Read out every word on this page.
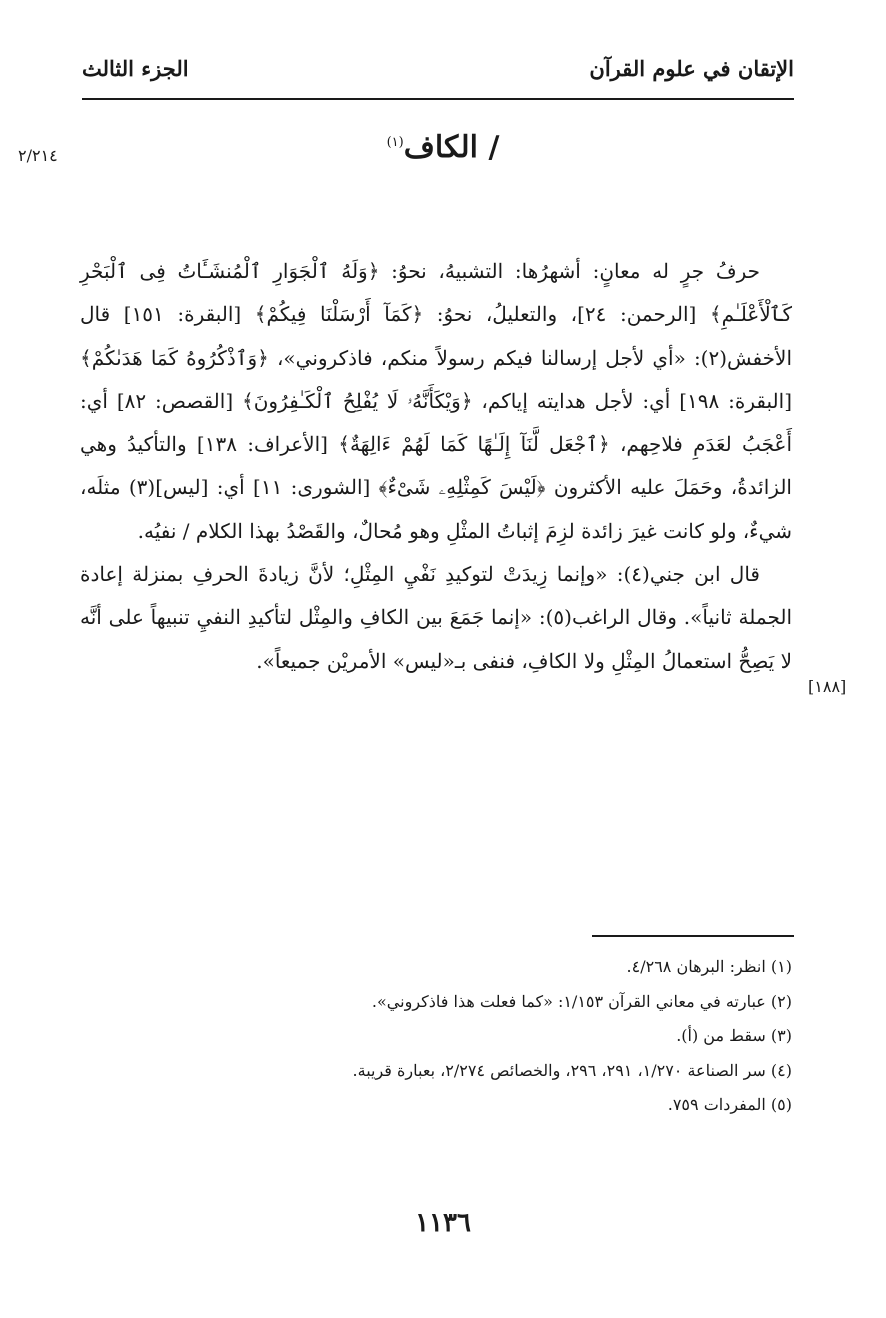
الإتقان في علوم القرآن
الجزء الثالث
٢/٢١٤	/ الكاف$^{(١)}$

حرفُ جرٍ له معانٍ: أشهرُها: التشبيهُ، نحوُ: ﴿وَلَهُ ٱلْجَوَارِ ٱلْمُنشَـَٔاتُ فِى ٱلْبَحْرِ كَٱلْأَعْلَـٰمِ﴾ [الرحمن: ٢٤]، والتعليلُ، نحوُ: ﴿كَمَآ أَرْسَلْنَا فِيكُمْ﴾ [البقرة: ١٥١] قال الأخفش(٢): «أي لأجل إرسالنا فيكم رسولاً منكم، فاذكروني»، ﴿وَٱذْكُرُوهُ كَمَا هَدَىٰكُمْ﴾ [البقرة: ١٩٨] أي: لأجل هدايته إياكم، ﴿وَيْكَأَنَّهُۥ لَا يُفْلِحُ ٱلْكَـٰفِرُونَ﴾ [القصص: ٨٢] أي: أَعْجَبُ لعَدَمِ فلاحِهم، ﴿ٱجْعَل لَّنَآ إِلَـٰهًا كَمَا لَهُمْ ءَالِهَةٌ﴾ [الأعراف: ١٣٨] والتأكيدُ وهي الزائدةُ، وحَمَلَ عليه الأكثرون ﴿لَيْسَ كَمِثْلِهِۦ شَىْءٌ﴾ [الشورى: ١١] أي: [ليس](٣) مثلَه، شيءٌ، ولو كانت غيرَ زائدة لزِمَ إثباتُ المثْلِ وهو مُحالٌ، والقَصْدُ بهذا الكلام / نفيُه.

قال ابن جني(٤): «وإنما زِيدَتْ لتوكيدِ نَفْيِ المِثْلِ؛ لأنَّ زيادةَ الحرفِ بمنزلة إعادة الجملة ثانياً». وقال الراغب(٥): «إنما جَمَعَ بين الكافِ والمِثْل لتأكيدِ النفيِ تنبيهاً على أنَّه لا يَصِحُّ استعمالُ المِثْلِ ولا الكافِ، فنفى بـ«ليس» الأمريْن جميعاً».

[١٨٨]

(١) انظر: البرهان ٤/٢٦٨.

(٢) عبارته في معاني القرآن ١/١٥٣: «كما فعلت هذا فاذكروني».

(٣) سقط من (أ).

(٤) سر الصناعة ١/٢٧٠، ٢٩١، ٢٩٦، والخصائص ٢/٢٧٤، بعبارة قريبة.

(٥) المفردات ٧٥٩.

١١٣٦
